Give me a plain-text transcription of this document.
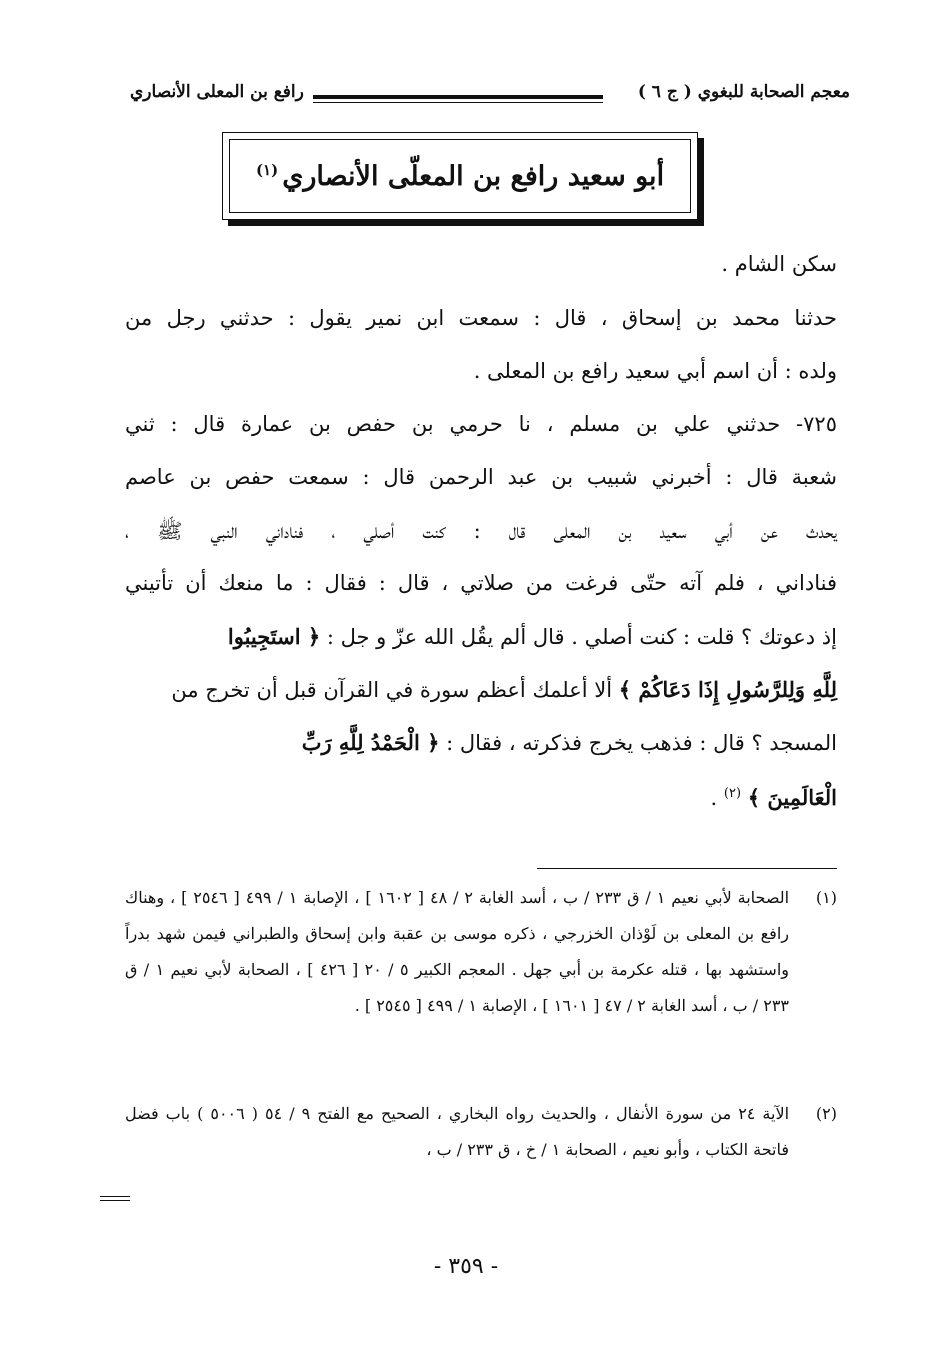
معجم الصحابة للبغوي ( ج ٦ )
رافع بن المعلى الأنصاري
أبو سعيد رافع بن المعلّى الأنصاري$^{(١)}$
سكن الشام .
حدثنا محمد بن إسحاق ، قال : سمعت ابن نمير يقول : حدثني رجل من
ولده : أن اسم أبي سعيد رافع بن المعلى .
٧٢٥- حدثني علي بن مسلم ، نا حرمي بن حفص بن عمارة قال : ثني
شعبة قال : أخبرني شبيب بن عبد الرحمن قال : سمعت حفص بن عاصم
يحدث عن أبي سعيد بن المعلى قال : كنت أصلي ، فناداني النبي ﷺ ،
فناداني ، فلم آته حتّى فرغت من صلاتي ، قال : فقال : ما منعك أن تأتيني
إذ دعوتك ؟ قلت : كنت أصلي . قال ألم يقُل الله عزّ و جل : ﴿ استَجِيبُوا
لِلَّهِ وَلِلرَّسُولِ إِذَا دَعَاكُمْ ﴾ ألا أعلمك أعظم سورة في القرآن قبل أن تخرج من
المسجد ؟ قال : فذهب يخرج فذكرته ، فقال : ﴿ الْحَمْدُ لِلَّهِ رَبِّ
الْعَالَمِينَ ﴾ $^{(٢)}$ .
(١)
الصحابة لأبي نعيم ١ / ق ٢٣٣ / ب ، أسد الغابة ٢ / ٤٨ [ ١٦٠٢ ] ، الإصابة ١ / ٤٩٩ [ ٢٥٤٦ ] ، وهناك رافع بن المعلى بن لَوْذان الخزرجي ، ذكره موسى بن عقبة وابن إسحاق والطبراني فيمن شهد بدراً واستشهد بها ، قتله عكرمة بن أبي جهل . المعجم الكبير ٥ / ٢٠ [ ٤٢٦ ] ، الصحابة لأبي نعيم ١ / ق ٢٣٣ / ب ، أسد الغابة ٢ / ٤٧ [ ١٦٠١ ] ، الإصابة ١ / ٤٩٩ [ ٢٥٤٥ ] .
(٢)
الآية ٢٤ من سورة الأنفال ، والحديث رواه البخاري ، الصحيح مع الفتح ٩ / ٥٤ ( ٥٠٠٦ ) باب فضل فاتحة الكتاب ، وأبو نعيم ، الصحابة ١ / خ ، ق ٢٣٣ / ب ،
- ٣٥٩ -
